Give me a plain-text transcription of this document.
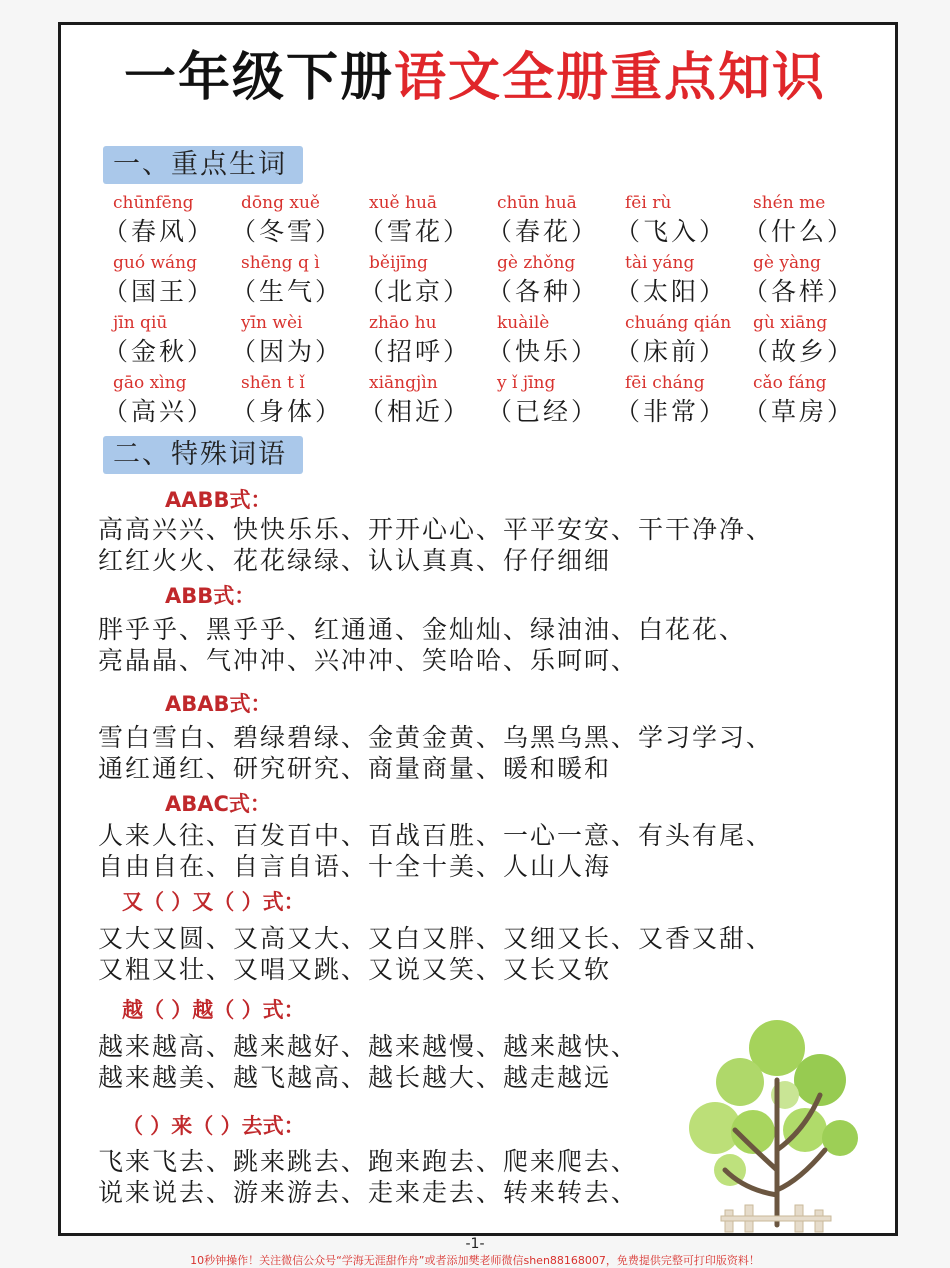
一年级下册语文全册重点知识
一、重点生词
chūnfēng
（春风）
dōng xuě
（冬雪）
xuě huā
（雪花）
chūn huā
（春花）
fēi rù
（飞入）
shén me
（什么）
guó wáng
（国王）
shēng q ì
（生气）
běijīng
（北京）
gè zhǒng
（各种）
tài yáng
（太阳）
gè yàng
（各样）
jīn qiū
（金秋）
yīn wèi
（因为）
zhāo hu
（招呼）
kuàilè
（快乐）
chuáng qián
（床前）
gù xiāng
（故乡）
gāo xìng
（高兴）
shēn t ǐ
（身体）
xiāngjìn
（相近）
y ǐ jīng
（已经）
fēi cháng
（非常）
cǎo fáng
（草房）
二、特殊词语
AABB式：
高高兴兴、快快乐乐、开开心心、平平安安、干干净净、
红红火火、花花绿绿、认认真真、仔仔细细
ABB式：
胖乎乎、黑乎乎、红通通、金灿灿、绿油油、白花花、
亮晶晶、气冲冲、兴冲冲、笑哈哈、乐呵呵、
ABAB式：
雪白雪白、碧绿碧绿、金黄金黄、乌黑乌黑、学习学习、
通红通红、研究研究、商量商量、暖和暖和
ABAC式：
人来人往、百发百中、百战百胜、一心一意、有头有尾、
自由自在、自言自语、十全十美、人山人海
又（ ）又（ ）式：
又大又圆、又高又大、又白又胖、又细又长、又香又甜、
又粗又壮、又唱又跳、又说又笑、又长又软
越（ ）越（ ）式：
越来越高、越来越好、越来越慢、越来越快、
越来越美、越飞越高、越长越大、越走越远
（ ）来（ ）去式：
飞来飞去、跳来跳去、跑来跑去、爬来爬去、
说来说去、游来游去、走来走去、转来转去、
-1-
10秒钟操作！关注微信公众号“学海无涯甜作舟”或者添加樊老师微信shen88168007，免费提供完整可打印版资料！
